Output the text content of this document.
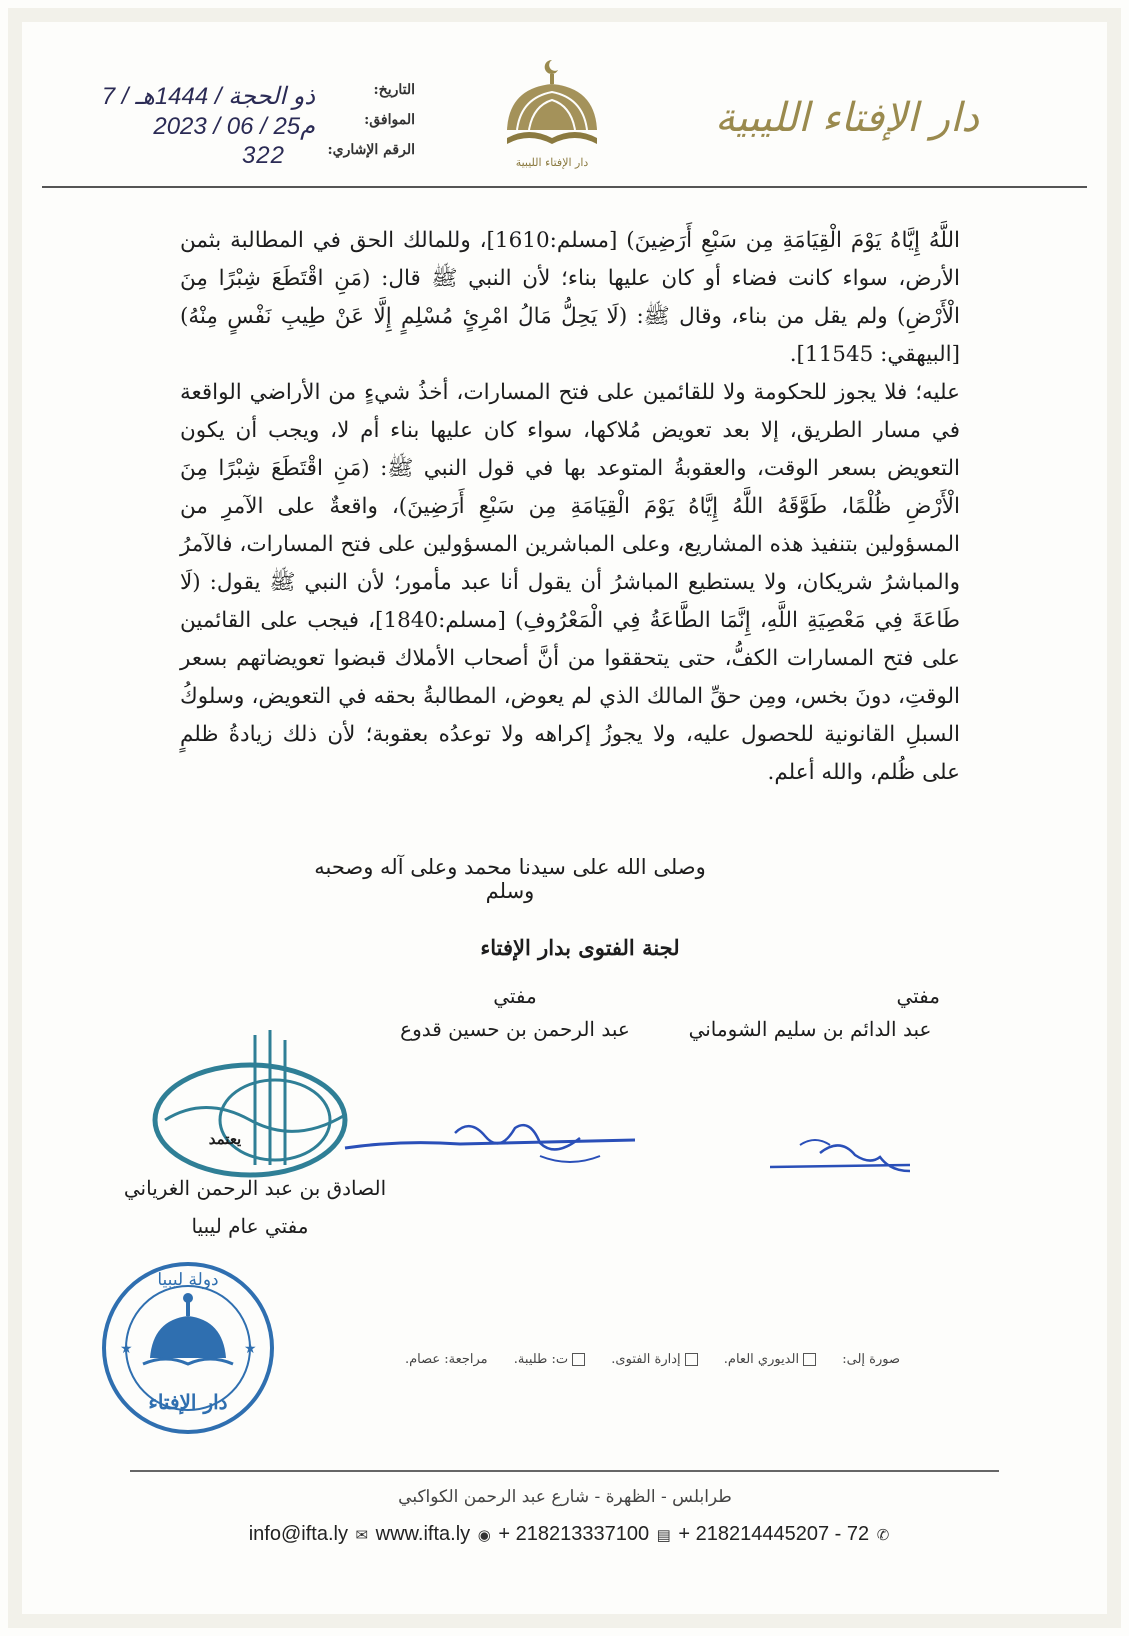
دار الإفتاء الليبية
دار الإفتاء الليبية
التاريخ:
7 / ذو الحجة / 1444هـ
الموافق:
2023 / 06 / 25م
الرقم الإشاري:
322

اللَّهُ إِيَّاهُ يَوْمَ الْقِيَامَةِ مِن سَبْعِ أَرَضِينَ) [مسلم:1610]، وللمالك الحق في المطالبة بثمن الأرض، سواء كانت فضاء أو كان عليها بناء؛ لأن النبي ﷺ قال: (مَنِ اقْتَطَعَ شِبْرًا مِنَ الْأَرْضِ) ولم يقل من بناء، وقال ﷺ: (لَا يَحِلُّ مَالُ امْرِئٍ مُسْلِمٍ إِلَّا عَنْ طِيبِ نَفْسٍ مِنْهُ) [البيهقي: 11545].

عليه؛ فلا يجوز للحكومة ولا للقائمين على فتح المسارات، أخذُ شيءٍ من الأراضي الواقعة في مسار الطريق، إلا بعد تعويض مُلاكها، سواء كان عليها بناء أم لا، ويجب أن يكون التعويض بسعر الوقت، والعقوبةُ المتوعد بها في قول النبي ﷺ: (مَنِ اقْتَطَعَ شِبْرًا مِنَ الْأَرْضِ ظُلْمًا، طَوَّقَهُ اللَّهُ إِيَّاهُ يَوْمَ الْقِيَامَةِ مِن سَبْعِ أَرَضِينَ)، واقعةٌ على الآمرِ من المسؤولين بتنفيذ هذه المشاريع، وعلى المباشرين المسؤولين على فتح المسارات، فالآمرُ والمباشرُ شريكان، ولا يستطيع المباشرُ أن يقول أنا عبد مأمور؛ لأن النبي ﷺ يقول: (لَا طَاعَةَ فِي مَعْصِيَةِ اللَّهِ، إِنَّمَا الطَّاعَةُ فِي الْمَعْرُوفِ) [مسلم:1840]، فيجب على القائمين على فتح المسارات الكفُّ، حتى يتحققوا من أنَّ أصحاب الأملاك قبضوا تعويضاتهم بسعر الوقتِ، دونَ بخس، ومِن حقِّ المالك الذي لم يعوض، المطالبةُ بحقه في التعويض، وسلوكُ السبلِ القانونية للحصول عليه، ولا يجوزُ إكراهه ولا توعدُه بعقوبة؛ لأن ذلك زيادةُ ظلمٍ على ظُلم، والله أعلم.

وصلى الله على سيدنا محمد وعلى آله وصحبه وسلم
لجنة الفتوى بدار الإفتاء
مفتي
عبد الدائم بن سليم الشوماني
مفتي
عبد الرحمن بن حسين قدوع
يعتمد
الصادق بن عبد الرحمن الغرياني
مفتي عام ليبيا
★	★
دولة ليبيا
دار الإفتاء
صورة إلى: الديوري العام. إدارة الفتوى. ت: طليبة. مراجعة: عصام.
طرابلس - الظهرة - شارع عبد الرحمن الكواكبي
info@ifta.ly ✉ www.ifta.ly ◉ + 218213337100 ▤ + 218214445207 - 72 ✆
